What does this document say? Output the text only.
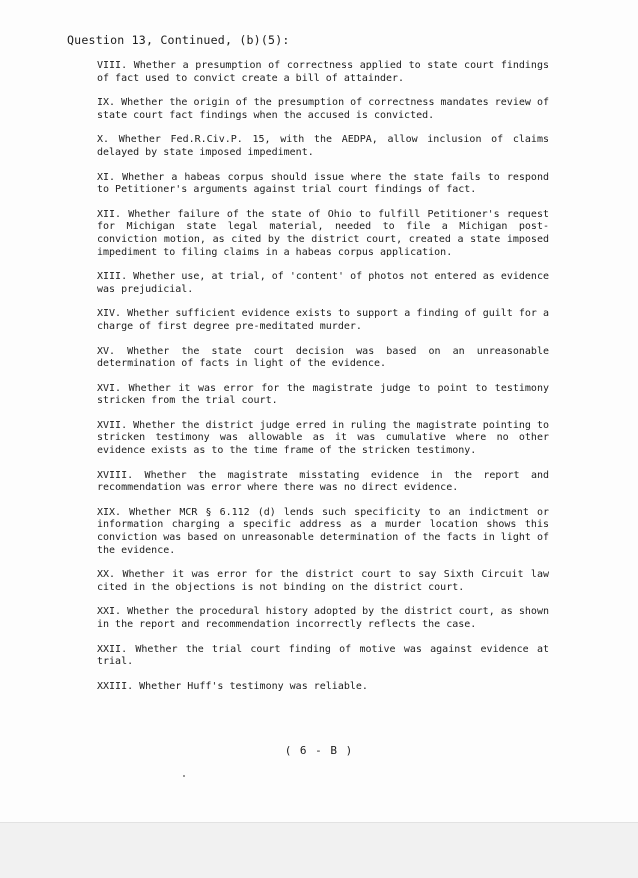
Question 13, Continued, (b)(5):

VIII. Whether a presumption of correctness applied to state court findings of fact used to convict create a bill of attainder.

IX. Whether the origin of the presumption of correctness mandates review of state court fact findings when the accused is convicted.

X. Whether Fed.R.Civ.P. 15, with the AEDPA, allow inclusion of claims delayed by state imposed impediment.

XI. Whether a habeas corpus should issue where the state fails to respond to Petitioner's arguments against trial court findings of fact.

XII. Whether failure of the state of Ohio to fulfill Petitioner's request for Michigan state legal material, needed to file a Michigan post-conviction motion, as cited by the district court, created a state imposed impediment to filing claims in a habeas corpus application.

XIII. Whether use, at trial, of 'content' of photos not entered as evidence was prejudicial.

XIV. Whether sufficient evidence exists to support a finding of guilt for a charge of first degree pre-meditated murder.

XV. Whether the state court decision was based on an unreasonable determination of facts in light of the evidence.

XVI. Whether it was error for the magistrate judge to point to testimony stricken from the trial court.

XVII. Whether the district judge erred in ruling the magistrate pointing to stricken testimony was allowable as it was cumulative where no other evidence exists as to the time frame of the stricken testimony.

XVIII. Whether the magistrate misstating evidence in the report and recommendation was error where there was no direct evidence.

XIX. Whether MCR § 6.112 (d) lends such specificity to an indictment or information charging a specific address as a murder location shows this conviction was based on unreasonable determination of the facts in light of the evidence.

XX. Whether it was error for the district court to say Sixth Circuit law cited in the objections is not binding on the district court.

XXI. Whether the procedural history adopted by the district court, as shown in the report and recommendation incorrectly reflects the case.

XXII. Whether the trial court finding of motive was against evidence at trial.

XXIII. Whether Huff's testimony was reliable.

( 6 - B )
